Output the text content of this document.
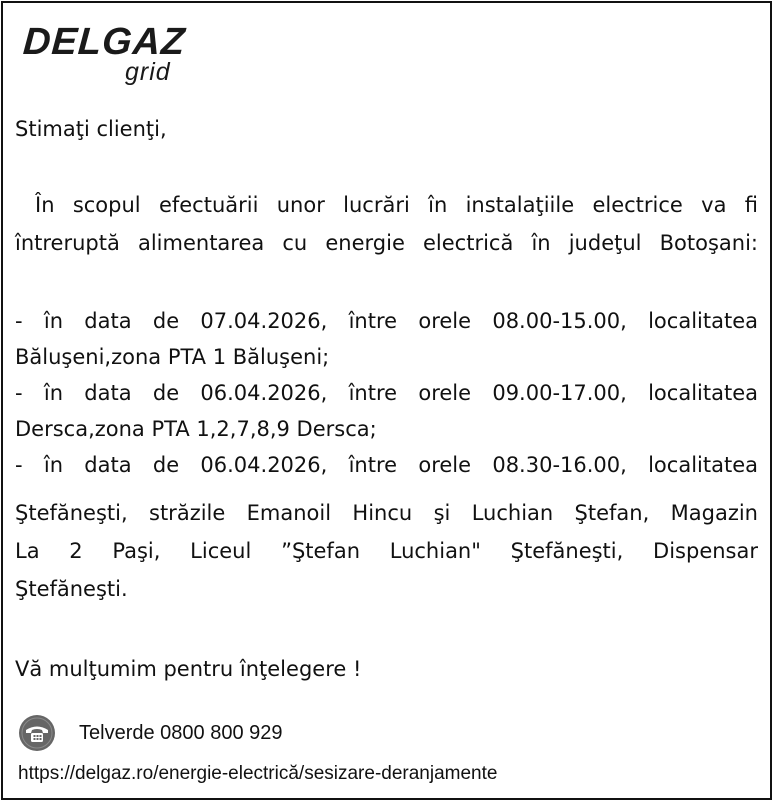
DELGAZ
grid
Stimaţi clienţi,
În scopul efectuării unor lucrări în instalaţiile electrice va fi
întreruptă alimentarea cu energie electrică în judeţul Botoşani:
- în data de 07.04.2026, între orele 08.00-15.00, localitatea
Băluşeni,zona PTA 1 Băluşeni;
- în data de 06.04.2026, între orele 09.00-17.00, localitatea
Dersca,zona PTA 1,2,7,8,9 Dersca;
- în data de 06.04.2026, între orele 08.30-16.00, localitatea
Ştefăneşti, străzile Emanoil Hincu şi Luchian Ştefan, Magazin
La 2 Paşi, Liceul ”Ştefan Luchian" Ştefăneşti, Dispensar
Ştefăneşti.
Vă mulţumim pentru înţelegere !
Telverde 0800 800 929
https://delgaz.ro/energie-electrică/sesizare-deranjamente
